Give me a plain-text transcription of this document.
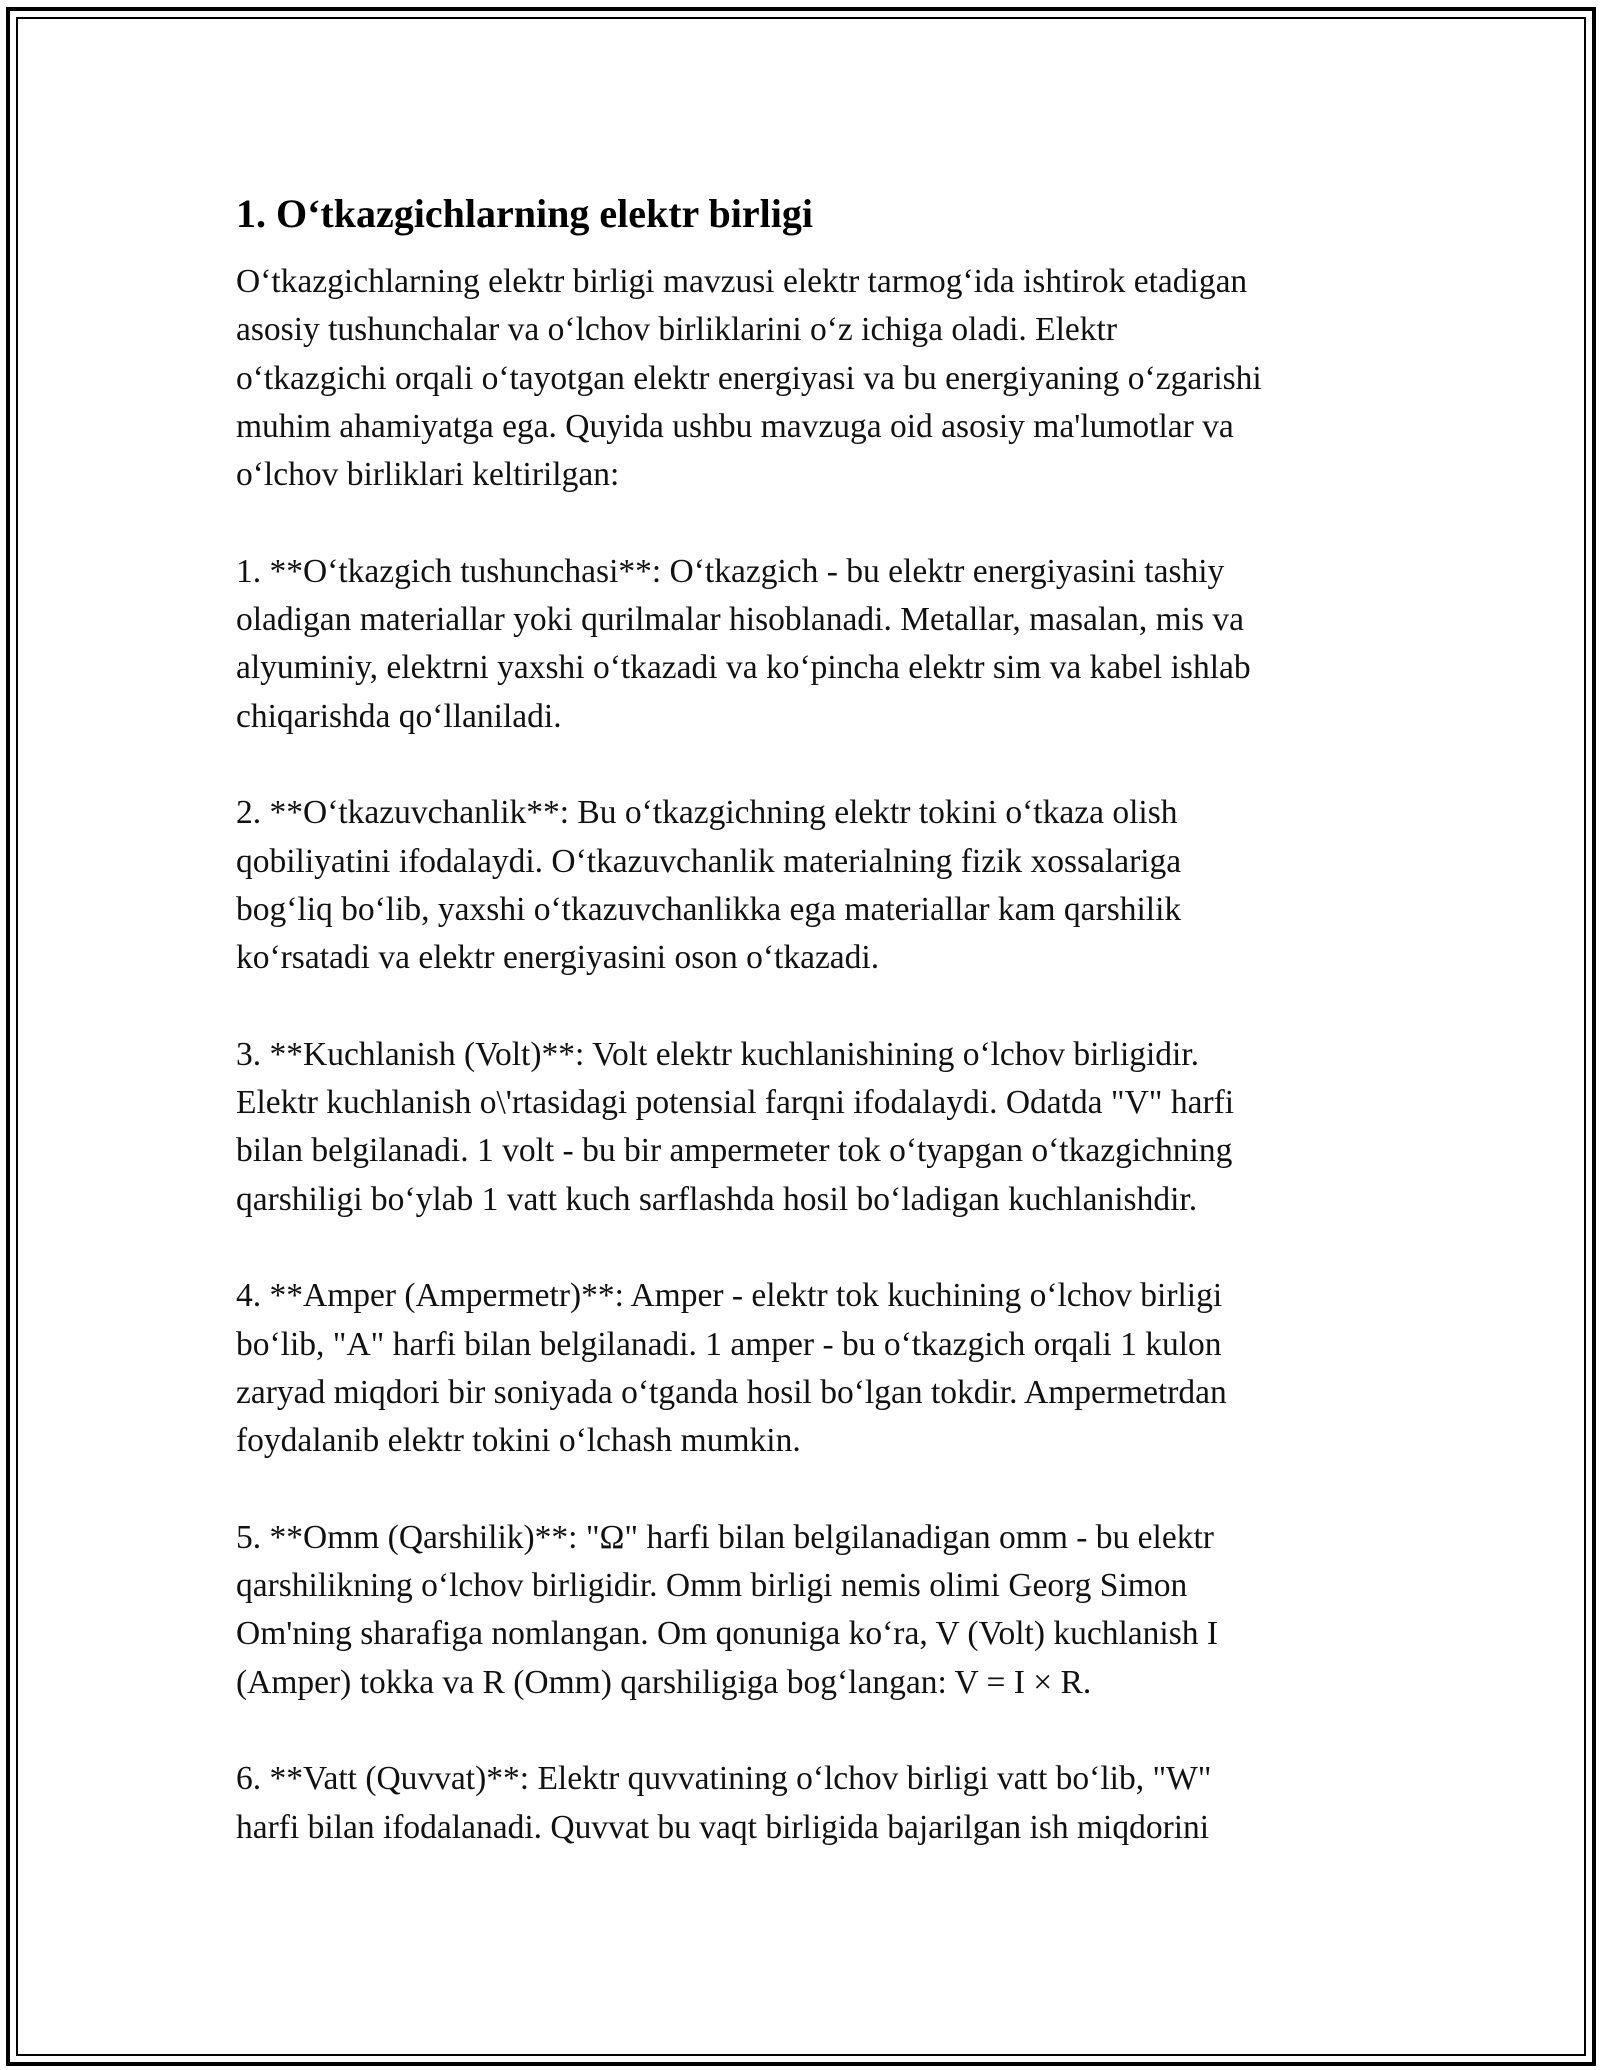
1. O‘tkazgichlarning elektr birligi
O‘tkazgichlarning elektr birligi mavzusi elektr tarmog‘ida ishtirok etadigan
asosiy tushunchalar va o‘lchov birliklarini o‘z ichiga oladi. Elektr
o‘tkazgichi orqali o‘tayotgan elektr energiyasi va bu energiyaning o‘zgarishi
muhim ahamiyatga ega. Quyida ushbu mavzuga oid asosiy ma'lumotlar va
o‘lchov birliklari keltirilgan:
1. **O‘tkazgich tushunchasi**: O‘tkazgich - bu elektr energiyasini tashiy
oladigan materiallar yoki qurilmalar hisoblanadi. Metallar, masalan, mis va
alyuminiy, elektrni yaxshi o‘tkazadi va ko‘pincha elektr sim va kabel ishlab
chiqarishda qo‘llaniladi.
2. **O‘tkazuvchanlik**: Bu o‘tkazgichning elektr tokini o‘tkaza olish
qobiliyatini ifodalaydi. O‘tkazuvchanlik materialning fizik xossalariga
bog‘liq bo‘lib, yaxshi o‘tkazuvchanlikka ega materiallar kam qarshilik
ko‘rsatadi va elektr energiyasini oson o‘tkazadi.
3. **Kuchlanish (Volt)**: Volt elektr kuchlanishining o‘lchov birligidir.
Elektr kuchlanish o\'rtasidagi potensial farqni ifodalaydi. Odatda "V" harfi
bilan belgilanadi. 1 volt - bu bir ampermeter tok o‘tyapgan o‘tkazgichning
qarshiligi bo‘ylab 1 vatt kuch sarflashda hosil bo‘ladigan kuchlanishdir.
4. **Amper (Ampermetr)**: Amper - elektr tok kuchining o‘lchov birligi
bo‘lib, "A" harfi bilan belgilanadi. 1 amper - bu o‘tkazgich orqali 1 kulon
zaryad miqdori bir soniyada o‘tganda hosil bo‘lgan tokdir. Ampermetrdan
foydalanib elektr tokini o‘lchash mumkin.
5. **Omm (Qarshilik)**: "Ω" harfi bilan belgilanadigan omm - bu elektr
qarshilikning o‘lchov birligidir. Omm birligi nemis olimi Georg Simon
Om'ning sharafiga nomlangan. Om qonuniga ko‘ra, V (Volt) kuchlanish I
(Amper) tokka va R (Omm) qarshiligiga bog‘langan: V = I × R.
6. **Vatt (Quvvat)**: Elektr quvvatining o‘lchov birligi vatt bo‘lib, "W"
harfi bilan ifodalanadi. Quvvat bu vaqt birligida bajarilgan ish miqdorini
